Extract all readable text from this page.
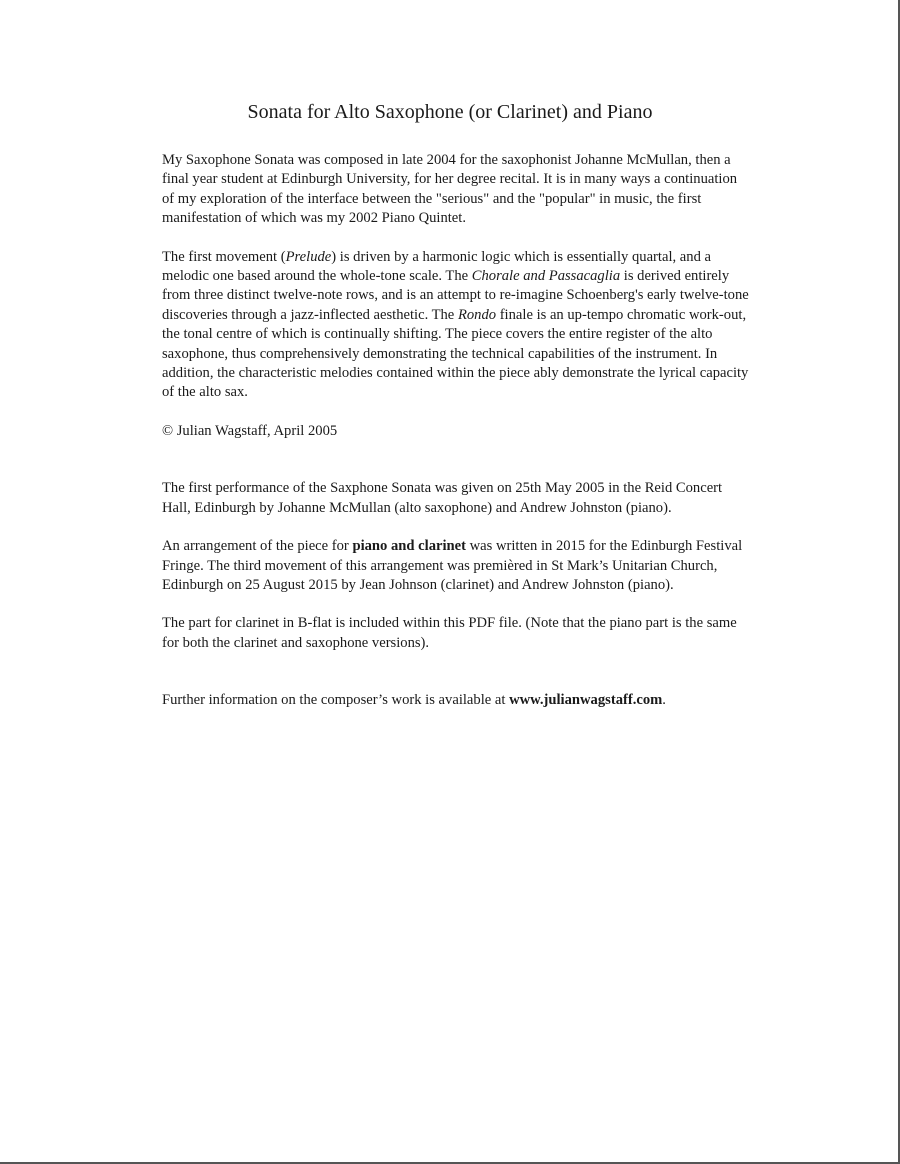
Sonata for Alto Saxophone (or Clarinet) and Piano

My Saxophone Sonata was composed in late 2004 for the saxophonist Johanne McMullan, then a final year student at Edinburgh University, for her degree recital. It is in many ways a continuation of my exploration of the interface between the "serious" and the "popular" in music, the first manifestation of which was my 2002 Piano Quintet.

The first movement (Prelude) is driven by a harmonic logic which is essentially quartal, and a melodic one based around the whole-tone scale. The Chorale and Passacaglia is derived entirely from three distinct twelve-note rows, and is an attempt to re-imagine Schoenberg's early twelve-tone discoveries through a jazz-inflected aesthetic. The Rondo finale is an up-tempo chromatic work-out, the tonal centre of which is continually shifting. The piece covers the entire register of the alto saxophone, thus comprehensively demonstrating the technical capabilities of the instrument. In addition, the characteristic melodies contained within the piece ably demonstrate the lyrical capacity of the alto sax.

© Julian Wagstaff, April 2005

The first performance of the Saxphone Sonata was given on 25th May 2005 in the Reid Concert Hall, Edinburgh by Johanne McMullan (alto saxophone) and Andrew Johnston (piano).

An arrangement of the piece for piano and clarinet was written in 2015 for the Edinburgh Festival Fringe. The third movement of this arrangement was premièred in St Mark’s Unitarian Church, Edinburgh on 25 August 2015 by Jean Johnson (clarinet) and Andrew Johnston (piano).

The part for clarinet in B-flat is included within this PDF file. (Note that the piano part is the same for both the clarinet and saxophone versions).

Further information on the composer’s work is available at www.julianwagstaff.com.
